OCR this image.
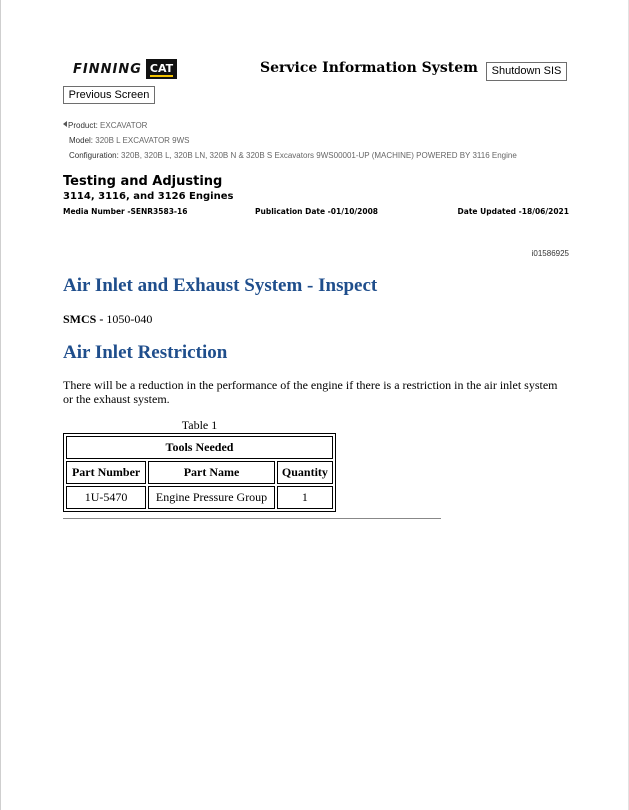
FINNING CAT	Service Information System	Shutdown SIS
Previous Screen
Product: EXCAVATOR
Model: 320B L EXCAVATOR 9WS
Configuration: 320B, 320B L, 320B LN, 320B N & 320B S Excavators 9WS00001-UP (MACHINE) POWERED BY 3116 Engine
Testing and Adjusting
3114, 3116, and 3126 Engines
Media Number -SENR3583-16	Publication Date -01/10/2008	Date Updated -18/06/2021
i01586925
Air Inlet and Exhaust System - Inspect
SMCS - 1050-040
Air Inlet Restriction
There will be a reduction in the performance of the engine if there is a restriction in the air inlet system or the exhaust system.
Table 1
Tools Needed		
Part Number	Part Name	Quantity
1U-5470	Engine Pressure Group	1
